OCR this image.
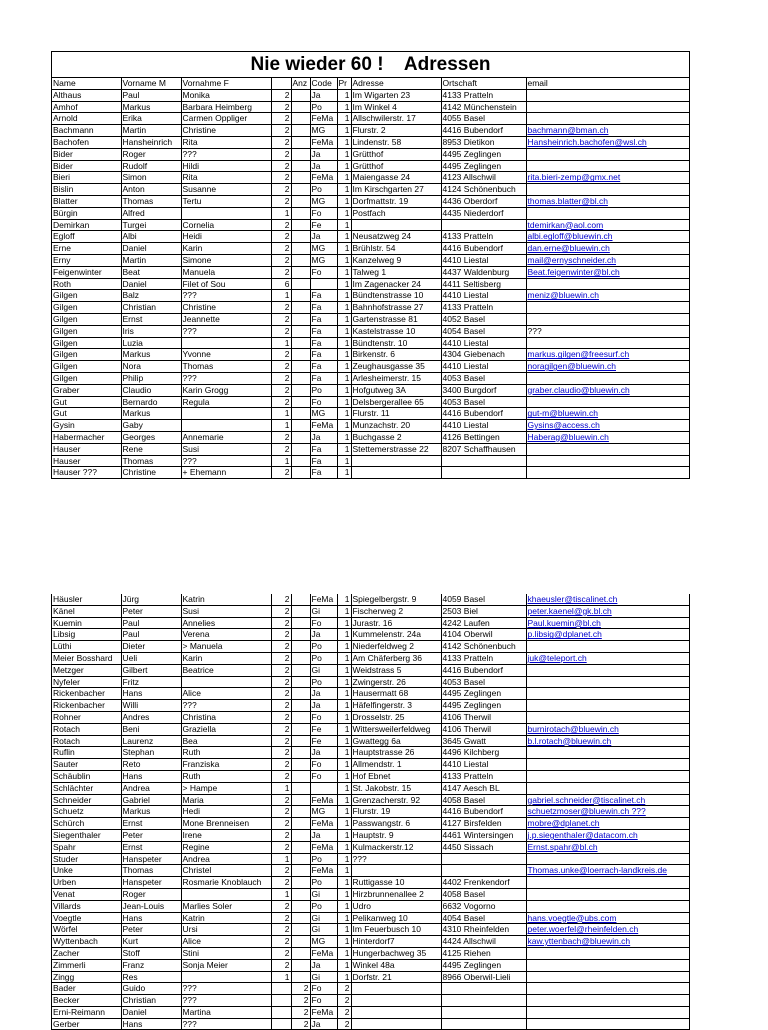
Nie wieder 60 !    Adressen
Name	Vorname M	Vornahme F		Anz	Code	Pr	Adresse	Ortschaft	email
Althaus	Paul	Monika	2		Ja	1	Im Wigarten 23	4133 Pratteln	
Amhof	Markus	Barbara Heimberg	2		Po	1	Im Winkel 4	4142 Münchenstein	
Arnold	Erika	Carmen Oppliger	2		FeMa	1	Allschwilerstr. 17	4055 Basel	
Bachmann	Martin	Christine	2		MG	1	Flurstr. 2	4416 Bubendorf	bachmann@bman.ch
Bachofen	Hansheinrich	Rita	2		FeMa	1	Lindenstr. 58	8953 Dietikon	Hansheinrich.bachofen@wsl.ch
Bider	Roger	???	2		Ja	1	Grütthof	4495 Zeglingen	
Bider	Rudolf	Hildi	2		Ja	1	Grütthof	4495 Zeglingen	
Bieri	Simon	Rita	2		FeMa	1	Maiengasse 24	4123 Allschwil	rita.bieri-zemp@gmx.net
Bislin	Anton	Susanne	2		Po	1	Im Kirschgarten 27	4124 Schönenbuch	
Blatter	Thomas	Tertu	2		MG	1	Dorfmattstr. 19	4436 Oberdorf	thomas.blatter@bl.ch
Bürgin	Alfred		1		Fo	1	Postfach	4435 Niederdorf	
Demirkan	Turgei	Cornelia	2		Fe	1			tdemirkan@aol.com
Egloff	Albi	Heidi	2		Ja	1	Neusatzweg 24	4133 Pratteln	albi.egloff@bluewin.ch
Erne	Daniel	Karin	2		MG	1	Brühlstr. 54	4416 Bubendorf	dan.erne@bluewin.ch
Erny	Martin	Simone	2		MG	1	Kanzelweg 9	4410 Liestal	mail@ernyschneider.ch
Feigenwinter	Beat	Manuela	2		Fo	1	Talweg 1	4437 Waldenburg	Beat.feigenwinter@bl.ch
Roth	Daniel	Filet of Sou	6			1	Im Zagenacker 24	4411 Seltisberg	
Gilgen	Balz	???	1		Fa	1	Bündtenstrasse 10	4410 Liestal	meniz@bluewin.ch
Gilgen	Christian	Christine	2		Fa	1	Bahnhofstrasse 27	4133 Pratteln	
Gilgen	Ernst	Jeannette	2		Fa	1	Gartenstrasse 81	4052 Basel	
Gilgen	Iris	???	2		Fa	1	Kastelstrasse 10	4054 Basel	???
Gilgen	Luzia		1		Fa	1	Bündtenstr. 10	4410 Liestal	
Gilgen	Markus	Yvonne	2		Fa	1	Birkenstr. 6	4304 Giebenach	markus.gilgen@freesurf.ch
Gilgen	Nora	Thomas	2		Fa	1	Zeughausgasse 35	4410 Liestal	noragilgen@bluewin.ch
Gilgen	Philip	???	2		Fa	1	Arlesheimerstr. 15	4053 Basel	
Graber	Claudio	Karin Grogg	2		Po	1	Hofgutweg 3A	3400 Burgdorf	graber.claudio@bluewin.ch
Gut	Bernardo	Regula	2		Fo	1	Delsbergerallee 65	4053 Basel	
Gut	Markus		1		MG	1	Flurstr. 11	4416 Bubendorf	gut-m@bluewin.ch
Gysin	Gaby		1		FeMa	1	Munzachstr. 20	4410 Liestal	Gysins@access.ch
Habermacher	Georges	Annemarie	2		Ja	1	Buchgasse 2	4126 Bettingen	Haberag@bluewin.ch
Hauser	Rene	Susi	2		Fa	1	Stettemerstrasse 22	8207 Schaffhausen	
Hauser	Thomas	???	1		Fa	1			
Hauser ???	Christine	+ Ehemann	2		Fa	1			
Häusler	Jürg	Katrin	2		FeMa	1	Spiegelbergstr. 9	4059 Basel	khaeusler@tiscalinet.ch
Känel	Peter	Susi	2		Gi	1	Fischerweg 2	2503 Biel	peter.kaenel@gk.bl.ch
Kuemin	Paul	Annelies	2		Fo	1	Jurastr. 16	4242 Laufen	Paul.kuemin@bl.ch
Libsig	Paul	Verena	2		Ja	1	Kummelenstr. 24a	4104 Oberwil	p.libsig@dplanet.ch
Lüthi	Dieter	> Manuela	2		Po	1	Niederfeldweg 2	4142 Schönenbuch	
Meier Bosshard	Ueli	Karin	2		Po	1	Am Chäferberg 36	4133 Pratteln	juk@teleport.ch
Metzger	Gilbert	Beatrice	2		Gi	1	Weidstrass 5	4416 Bubendorf	
Nyfeler	Fritz		2		Po	1	Zwingerstr. 26	4053 Basel	
Rickenbacher	Hans	Alice	2		Ja	1	Hausermatt 68	4495 Zeglingen	
Rickenbacher	Willi	???	2		Ja	1	Häfelfingerstr. 3	4495 Zeglingen	
Rohner	Andres	Christina	2		Fo	1	Drosselstr. 25	4106 Therwil	
Rotach	Beni	Graziella	2		Fe	1	Wittersweilerfeldweg	4106 Therwil	burnirotach@bluewin.ch
Rotach	Laurenz	Bea	2		Fe	1	Gwattegg 6a	3645 Gwatt	b.l.rotach@bluewin.ch
Ruflin	Stephan	Ruth	2		Ja	1	Hauptstrasse 26	4496 Kilchberg	
Sauter	Reto	Franziska	2		Fo	1	Allmendstr. 1	4410 Liestal	
Schäublin	Hans	Ruth	2		Fo	1	Hof Ebnet	4133 Pratteln	
Schlächter	Andrea	> Hampe	1			1	St. Jakobstr. 15	4147 Aesch BL	
Schneider	Gabriel	Maria	2		FeMa	1	Grenzacherstr. 92	4058 Basel	gabriel.schneider@tiscalinet.ch
Schuetz	Markus	Hedi	2		MG	1	Flurstr. 19	4416 Bubendorf	schuetzmoser@bluewin.ch ???
Schürch	Ernst	Mone Brenneisen	2		FeMa	1	Passwangstr. 6	4127 Birsfelden	mobre@dplanet.ch
Siegenthaler	Peter	Irene	2		Ja	1	Hauptstr. 9	4461 Wintersingen	j.p.siegenthaler@datacom.ch
Spahr	Ernst	Regine	2		FeMa	1	Kulmackerstr.12	4450 Sissach	Ernst.spahr@bl.ch
Studer	Hanspeter	Andrea	1		Po	1	???		
Unke	Thomas	Christel	2		FeMa	1			Thomas.unke@loerrach-landkreis.de
Urben	Hanspeter	Rosmarie Knoblauch	2		Po	1	Ruttigasse 10	4402 Frenkendorf	
Venat	Roger		1		Gi	1	Hirzbrunnenallee 2	4058 Basel	
Villards	Jean-Louis	Marlies Soler	2		Po	1	Udro	6632 Vogorno	
Voegtle	Hans	Katrin	2		Gi	1	Pelikanweg 10	4054 Basel	hans.voegtle@ubs.com
Wörfel	Peter	Ursi	2		Gi	1	Im Feuerbusch 10	4310 Rheinfelden	peter.woerfel@rheinfelden.ch
Wyttenbach	Kurt	Alice	2		MG	1	Hinterdorf7	4424 Allschwil	kaw.yttenbach@bluewin.ch
Zacher	Stoff	Stini	2		FeMa	1	Hungerbachweg 35	4125 Riehen	
Zimmerli	Franz	Sonja Meier	2		Ja	1	Winkel 48a	4495 Zeglingen	
Zingg	Res		1		Gi	1	Dorfstr. 21	8966 Oberwil-Lieli	
Bader	Guido	???		2	Fo	2			
Becker	Christian	???		2	Fo	2			
Erni-Reimann	Daniel	Martina		2	FeMa	2			
Gerber	Hans	???		2	Ja	2			
